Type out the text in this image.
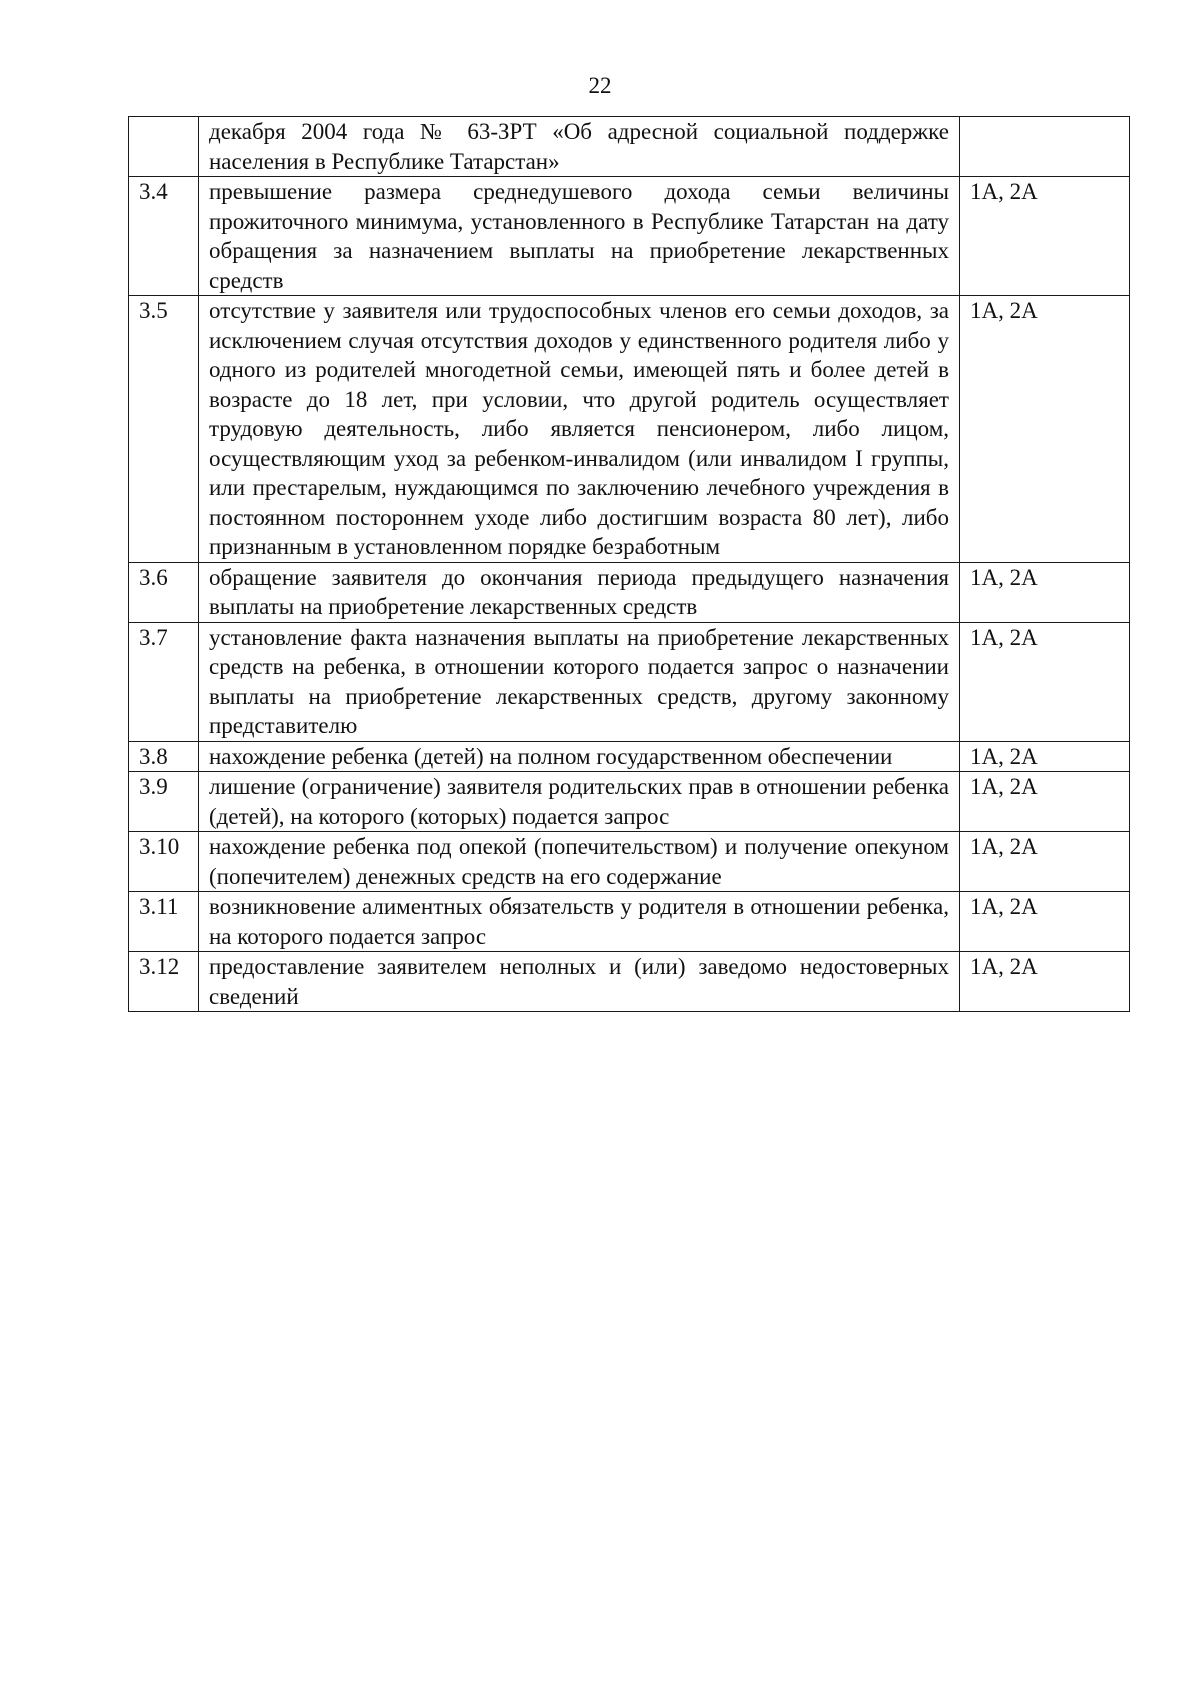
22
	декабря 2004 года № 63-ЗРТ «Об адресной социальной поддержке населения в Республике Татарстан»	
3.4	превышение размера среднедушевого дохода семьи величины прожиточного минимума, установленного в Республике Татарстан на дату обращения за назначением выплаты на приобретение лекарственных средств	1А, 2А
3.5	отсутствие у заявителя или трудоспособных членов его семьи доходов, за исключением случая отсутствия доходов у единственного родителя либо у одного из родителей многодетной семьи, имеющей пять и более детей в возрасте до 18 лет, при условии, что другой родитель осуществляет трудовую деятельность, либо является пенсионером, либо лицом, осуществляющим уход за ребенком-инвалидом (или инвалидом I группы, или престарелым, нуждающимся по заключению лечебного учреждения в постоянном постороннем уходе либо достигшим возраста 80 лет), либо признанным в установленном порядке безработным	1А, 2А
3.6	обращение заявителя до окончания периода предыдущего назначения выплаты на приобретение лекарственных средств	1А, 2А
3.7	установление факта назначения выплаты на приобретение лекарственных средств на ребенка, в отношении которого подается запрос о назначении выплаты на приобретение лекарственных средств, другому законному представителю	1А, 2А
3.8	нахождение ребенка (детей) на полном государственном обеспечении	1А, 2А
3.9	лишение (ограничение) заявителя родительских прав в отношении ребенка (детей), на которого (которых) подается запрос	1А, 2А
3.10	нахождение ребенка под опекой (попечительством) и получение опекуном (попечителем) денежных средств на его содержание	1А, 2А
3.11	возникновение алиментных обязательств у родителя в отношении ребенка, на которого подается запрос	1А, 2А
3.12	предоставление заявителем неполных и (или) заведомо недостоверных сведений	1А, 2А
